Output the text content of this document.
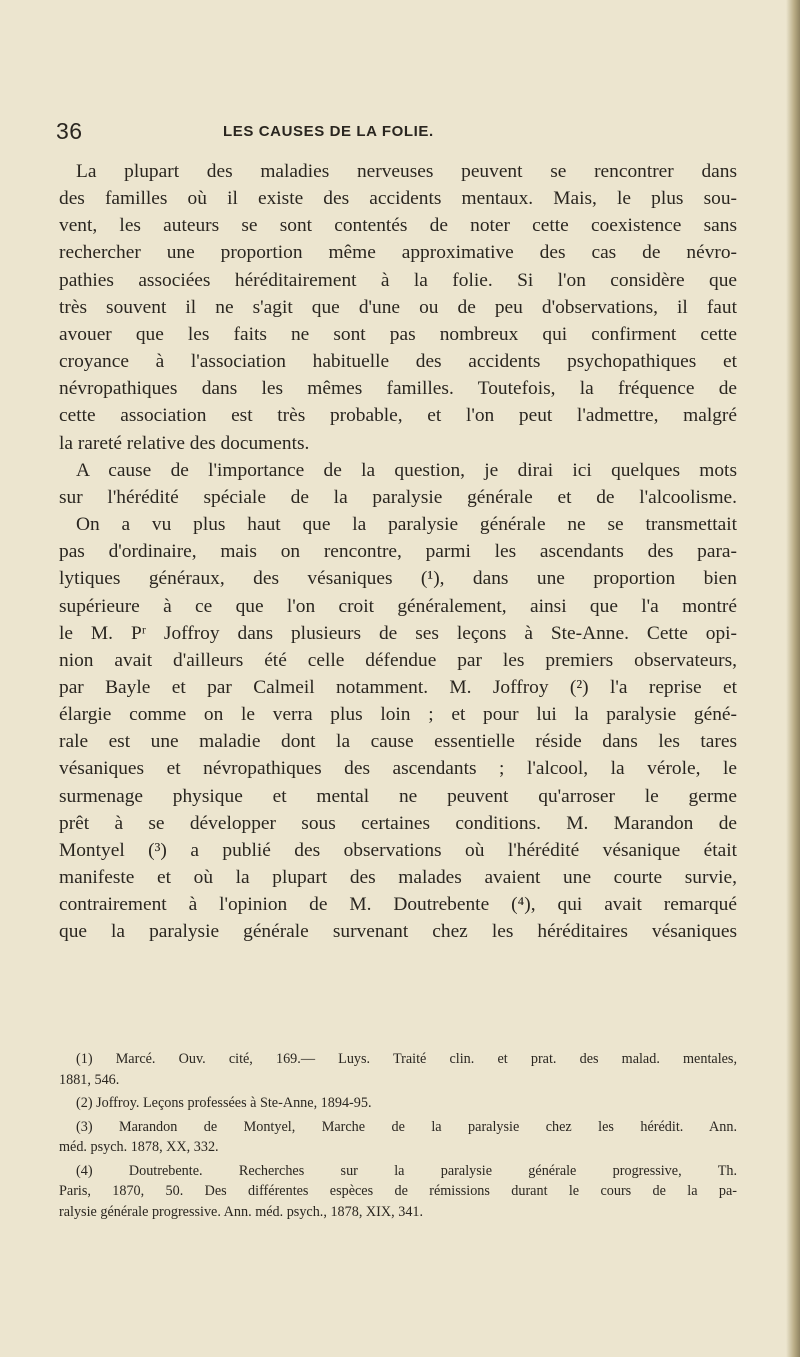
36	LES CAUSES DE LA FOLIE.
La plupart des maladies nerveuses peuvent se rencontrer dans
des familles où il existe des accidents mentaux. Mais, le plus sou-
vent, les auteurs se sont contentés de noter cette coexistence sans
rechercher une proportion même approximative des cas de névro-
pathies associées héréditairement à la folie. Si l'on considère que
très souvent il ne s'agit que d'une ou de peu d'observations, il faut
avouer que les faits ne sont pas nombreux qui confirment cette
croyance à l'association habituelle des accidents psychopathiques et
névropathiques dans les mêmes familles. Toutefois, la fréquence de
cette association est très probable, et l'on peut l'admettre, malgré
la rareté relative des documents.
A cause de l'importance de la question, je dirai ici quelques mots
sur l'hérédité spéciale de la paralysie générale et de l'alcoolisme.
On a vu plus haut que la paralysie générale ne se transmettait
pas d'ordinaire, mais on rencontre, parmi les ascendants des para-
lytiques généraux, des vésaniques (¹), dans une proportion bien
supérieure à ce que l'on croit généralement, ainsi que l'a montré
le M. Pʳ Joffroy dans plusieurs de ses leçons à Ste-Anne. Cette opi-
nion avait d'ailleurs été celle défendue par les premiers observateurs,
par Bayle et par Calmeil notamment. M. Joffroy (²) l'a reprise et
élargie comme on le verra plus loin ; et pour lui la paralysie géné-
rale est une maladie dont la cause essentielle réside dans les tares
vésaniques et névropathiques des ascendants ; l'alcool, la vérole, le
surmenage physique et mental ne peuvent qu'arroser le germe
prêt à se développer sous certaines conditions. M. Marandon de
Montyel (³) a publié des observations où l'hérédité vésanique était
manifeste et où la plupart des malades avaient une courte survie,
contrairement à l'opinion de M. Doutrebente (⁴), qui avait remarqué
que la paralysie générale survenant chez les héréditaires vésaniques
(1) Marcé. Ouv. cité, 169.— Luys. Traité clin. et prat. des malad. mentales,
1881, 546.
(2) Joffroy. Leçons professées à Ste-Anne, 1894-95.
(3) Marandon de Montyel, Marche de la paralysie chez les hérédit. Ann.
méd. psych. 1878, XX, 332.
(4) Doutrebente. Recherches sur la paralysie générale progressive, Th.
Paris, 1870, 50. Des différentes espèces de rémissions durant le cours de la pa-
ralysie générale progressive. Ann. méd. psych., 1878, XIX, 341.
